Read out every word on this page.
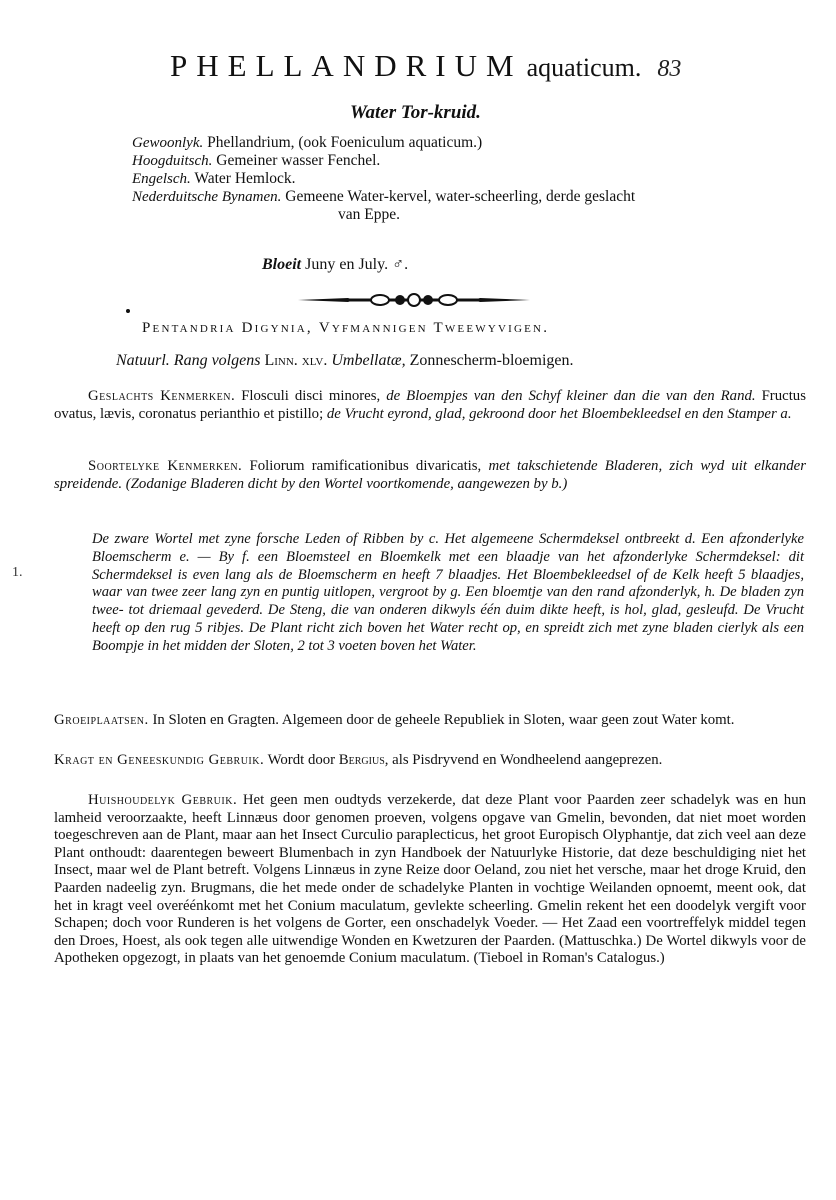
PHELLANDRIUM aquaticum. 83
Water Tor-kruid.
Gewoonlyk. Phellandrium, (ook Foeniculum aquaticum.)
Hoogduitsch. Gemeiner wasser Fenchel.
Engelsch. Water Hemlock.
Nederduitsche Bynamen. Gemeene Water-kervel, water-scheerling, derde geslacht
van Eppe.
Bloeit Juny en July. ♂.
Pentandria Digynia, Vyfmannigen Tweewyvigen.
Natuurl. Rang volgens Linn. xlv. Umbellatæ, Zonnescherm-bloemigen.
Geslachts Kenmerken. Flosculi disci minores, de Bloempjes van den Schyf kleiner dan die van den Rand. Fructus ovatus, lævis, coronatus perianthio et pistillo; de Vrucht eyrond, glad, gekroond door het Bloembekleedsel en den Stamper a.
Soortelyke Kenmerken. Foliorum ramificationibus divaricatis, met takschietende Bladeren, zich wyd uit elkander spreidende. (Zodanige Bladeren dicht by den Wortel voortkomende, aangewezen by b.)
1.
De zware Wortel met zyne forsche Leden of Ribben by c. Het algemeene Schermdeksel ontbreekt d. Een afzonderlyke Bloemscherm e. — By f. een Bloemsteel en Bloemkelk met een blaadje van het afzonderlyke Schermdeksel: dit Schermdeksel is even lang als de Bloemscherm en heeft 7 blaadjes. Het Bloembekleedsel of de Kelk heeft 5 blaadjes, waar van twee zeer lang zyn en puntig uitlopen, vergroot by g. Een bloemtje van den rand afzonderlyk, h. De bladen zyn twee- tot driemaal gevederd. De Steng, die van onderen dikwyls één duim dikte heeft, is hol, glad, gesleufd. De Vrucht heeft op den rug 5 ribjes. De Plant richt zich boven het Water recht op, en spreidt zich met zyne bladen cierlyk als een Boompje in het midden der Sloten, 2 tot 3 voeten boven het Water.
Groeiplaatsen. In Sloten en Gragten. Algemeen door de geheele Republiek in Sloten, waar geen zout Water komt.
Kragt en Geneeskundig Gebruik. Wordt door Bergius, als Pisdryvend en Wondheelend aangeprezen.
Huishoudelyk Gebruik. Het geen men oudtyds verzekerde, dat deze Plant voor Paarden zeer schadelyk was en hun lamheid veroorzaakte, heeft Linnæus door genomen proeven, volgens opgave van Gmelin, bevonden, dat niet moet worden toegeschreven aan de Plant, maar aan het Insect Curculio paraplecticus, het groot Europisch Olyphantje, dat zich veel aan deze Plant onthoudt: daarentegen beweert Blumenbach in zyn Handboek der Natuurlyke Historie, dat deze beschuldiging niet het Insect, maar wel de Plant betreft. Volgens Linnæus in zyne Reize door Oeland, zou niet het versche, maar het droge Kruid, den Paarden nadeelig zyn. Brugmans, die het mede onder de schadelyke Planten in vochtige Weilanden opnoemt, meent ook, dat het in kragt veel overéénkomt met het Conium maculatum, gevlekte scheerling. Gmelin rekent het een doodelyk vergift voor Schapen; doch voor Runderen is het volgens de Gorter, een onschadelyk Voeder. — Het Zaad een voortreffelyk middel tegen den Droes, Hoest, als ook tegen alle uitwendige Wonden en Kwetzuren der Paarden. (Mattuschka.) De Wortel dikwyls voor de Apotheken opgezogt, in plaats van het genoemde Conium maculatum. (Tieboel in Roman's Catalogus.)
